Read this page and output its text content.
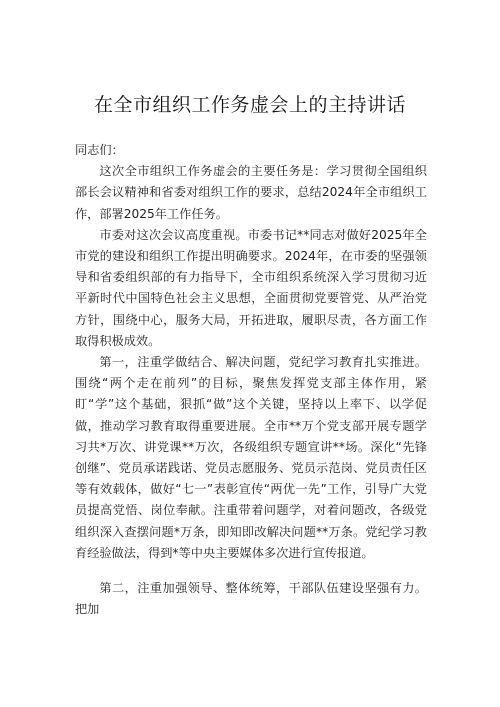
在全市组织工作务虚会上的主持讲话

同志们：

这次全市组织工作务虚会的主要任务是：学习贯彻全国组织部长会议精神和省委对组织工作的要求，总结2024年全市组织工作，部署2025年工作任务。

市委对这次会议高度重视。市委书记**同志对做好2025年全市党的建设和组织工作提出明确要求。2024年，在市委的坚强领导和省委组织部的有力指导下，全市组织系统深入学习贯彻习近平新时代中国特色社会主义思想，全面贯彻党要管党、从严治党方针，围绕中心，服务大局，开拓进取，履职尽责，各方面工作取得积极成效。

第一，注重学做结合、解决问题，党纪学习教育扎实推进。围绕“两个走在前列”的目标，聚焦发挥党支部主体作用，紧盯“学”这个基础，狠抓“做”这个关键，坚持以上率下、以学促做，推动学习教育取得重要进展。全市**万个党支部开展专题学习共*万次、讲党课**万次，各级组织专题宣讲**场。深化“先锋创继”、党员承诺践诺、党员志愿服务、党员示范岗、党员责任区等有效载体，做好“七一”表彰宣传“两优一先”工作，引导广大党员提高党悟、岗位奉献。注重带着问题学，对着问题改，各级党组织深入查摆问题*万条，即知即改解决问题**万条。党纪学习教育经验做法，得到*等中央主要媒体多次进行宣传报道。

第二，注重加强领导、整体统筹，干部队伍建设坚强有力。把加
